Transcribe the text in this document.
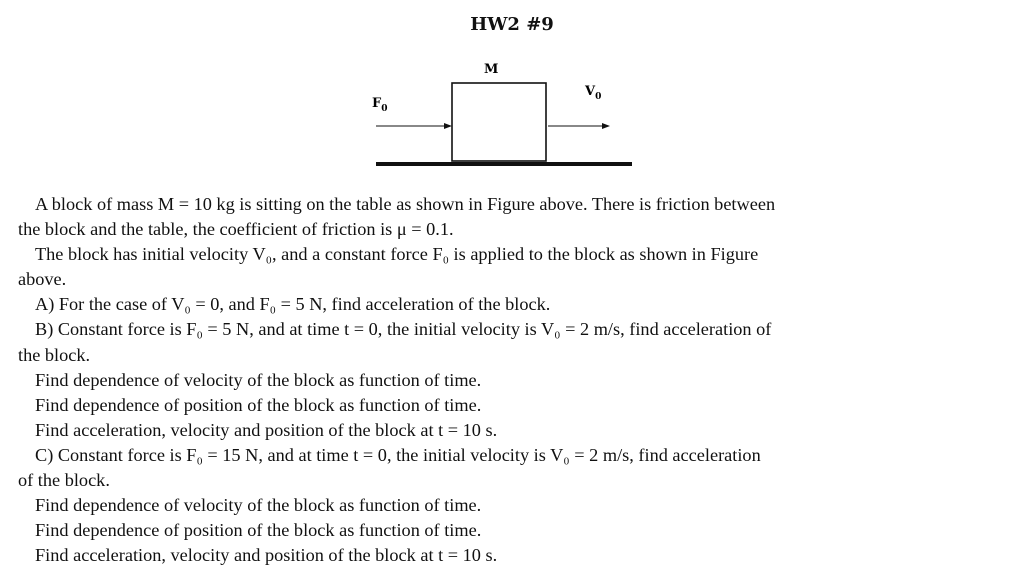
HW2 #9
M
$F_0$
$V_0$

A block of mass M = 10 kg is sitting on the table as shown in Figure above. There is friction between

the block and the table, the coefficient of friction is μ = 0.1.

The block has initial velocity V₀, and a constant force F₀ is applied to the block as shown in Figure

above.

A) For the case of V₀ = 0, and F₀ = 5 N, find acceleration of the block.

B) Constant force is F₀ = 5 N, and at time t = 0, the initial velocity is V₀ = 2 m/s, find acceleration of

the block.

Find dependence of velocity of the block as function of time.

Find dependence of position of the block as function of time.

Find acceleration, velocity and position of the block at t = 10 s.

C) Constant force is F₀ = 15 N, and at time t = 0, the initial velocity is V₀ = 2 m/s, find acceleration

of the block.

Find dependence of velocity of the block as function of time.

Find dependence of position of the block as function of time.

Find acceleration, velocity and position of the block at t = 10 s.
